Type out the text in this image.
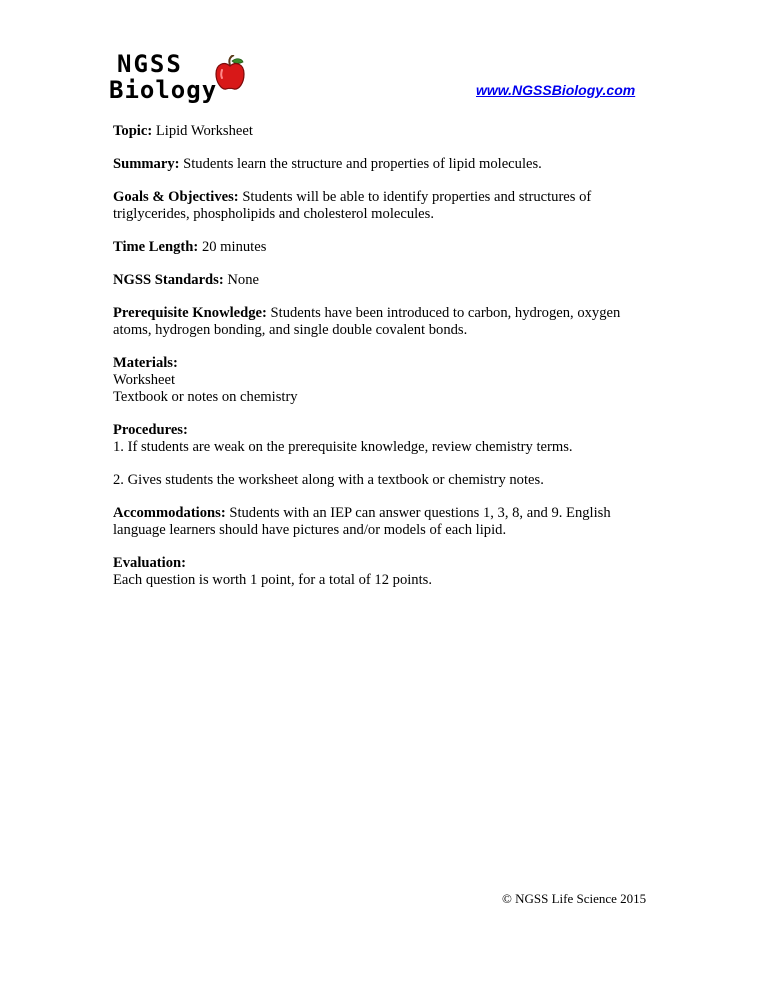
NGSS
Biology	www.NGSSBiology.com

Topic: Lipid Worksheet

Summary: Students learn the structure and properties of lipid molecules.

Goals & Objectives: Students will be able to identify properties and structures of triglycerides, phospholipids and cholesterol molecules.

Time Length: 20 minutes

NGSS Standards: None

Prerequisite Knowledge: Students have been introduced to carbon, hydrogen, oxygen atoms, hydrogen bonding, and single double covalent bonds.

Materials:
Worksheet
Textbook or notes on chemistry

Procedures:
1. If students are weak on the prerequisite knowledge, review chemistry terms.

2. Gives students the worksheet along with a textbook or chemistry notes.

Accommodations: Students with an IEP can answer questions 1, 3, 8, and 9. English language learners should have pictures and/or models of each lipid.

Evaluation:
Each question is worth 1 point, for a total of 12 points.

© NGSS Life Science 2015
